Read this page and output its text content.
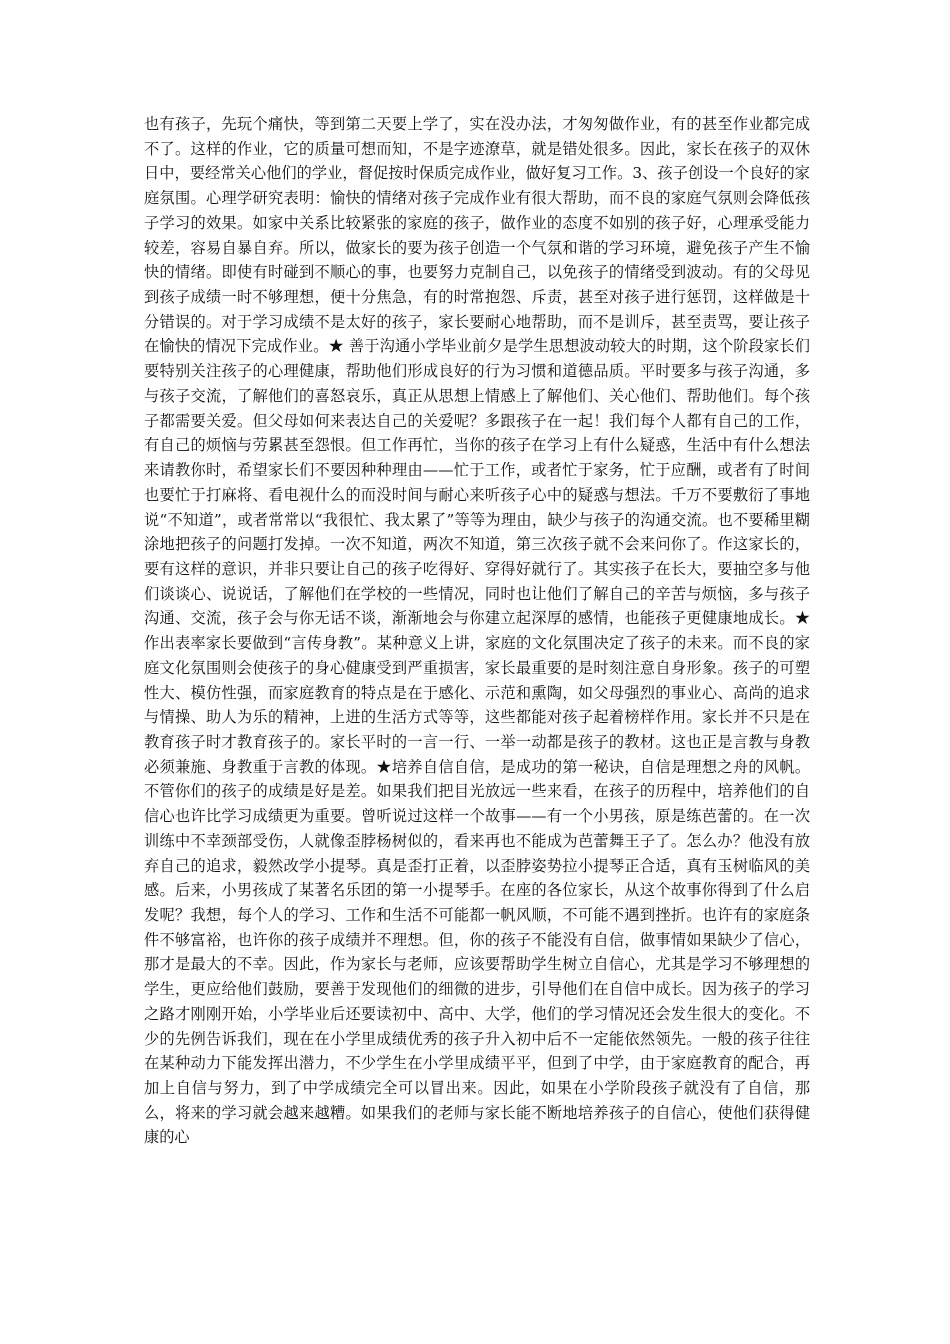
也有孩子，先玩个痛快，等到第二天要上学了，实在没办法，才匆匆做作业，有的甚至作业都完成不了。这样的作业，它的质量可想而知，不是字迹潦草，就是错处很多。因此，家长在孩子的双休日中，要经常关心他们的学业，督促按时保质完成作业，做好复习工作。3、孩子创设一个良好的家庭氛围。心理学研究表明：愉快的情绪对孩子完成作业有很大帮助，而不良的家庭气氛则会降低孩子学习的效果。如家中关系比较紧张的家庭的孩子，做作业的态度不如别的孩子好，心理承受能力较差，容易自暴自弃。所以，做家长的要为孩子创造一个气氛和谐的学习环境，避免孩子产生不愉快的情绪。即使有时碰到不顺心的事，也要努力克制自己，以免孩子的情绪受到波动。有的父母见到孩子成绩一时不够理想，便十分焦急，有的时常抱怨、斥责，甚至对孩子进行惩罚，这样做是十分错误的。对于学习成绩不是太好的孩子，家长要耐心地帮助，而不是训斥，甚至责骂，要让孩子在愉快的情况下完成作业。★ 善于沟通小学毕业前夕是学生思想波动较大的时期，这个阶段家长们要特别关注孩子的心理健康，帮助他们形成良好的行为习惯和道德品质。平时要多与孩子沟通，多与孩子交流，了解他们的喜怒哀乐，真正从思想上情感上了解他们、关心他们、帮助他们。每个孩子都需要关爱。但父母如何来表达自己的关爱呢？多跟孩子在一起！我们每个人都有自己的工作，有自己的烦恼与劳累甚至怨恨。但工作再忙，当你的孩子在学习上有什么疑惑，生活中有什么想法来请教你时，希望家长们不要因种种理由——忙于工作，或者忙于家务，忙于应酬，或者有了时间也要忙于打麻将、看电视什么的而没时间与耐心来听孩子心中的疑惑与想法。千万不要敷衍了事地说“不知道”，或者常常以“我很忙、我太累了”等等为理由，缺少与孩子的沟通交流。也不要稀里糊涂地把孩子的问题打发掉。一次不知道，两次不知道，第三次孩子就不会来问你了。作这家长的，要有这样的意识，并非只要让自己的孩子吃得好、穿得好就行了。其实孩子在长大，要抽空多与他们谈谈心、说说话，了解他们在学校的一些情况，同时也让他们了解自己的辛苦与烦恼，多与孩子沟通、交流，孩子会与你无话不谈，渐渐地会与你建立起深厚的感情，也能孩子更健康地成长。★ 作出表率家长要做到“言传身教”。某种意义上讲，家庭的文化氛围决定了孩子的未来。而不良的家庭文化氛围则会使孩子的身心健康受到严重损害，家长最重要的是时刻注意自身形象。孩子的可塑性大、模仿性强，而家庭教育的特点是在于感化、示范和熏陶，如父母强烈的事业心、高尚的追求与情操、助人为乐的精神，上进的生活方式等等，这些都能对孩子起着榜样作用。家长并不只是在教育孩子时才教育孩子的。家长平时的一言一行、一举一动都是孩子的教材。这也正是言教与身教必须兼施、身教重于言教的体现。★培养自信自信，是成功的第一秘诀，自信是理想之舟的风帆。不管你们的孩子的成绩是好是差。如果我们把目光放远一些来看，在孩子的历程中，培养他们的自信心也许比学习成绩更为重要。曾听说过这样一个故事——有一个小男孩，原是练芭蕾的。在一次训练中不幸颈部受伤，人就像歪脖杨树似的，看来再也不能成为芭蕾舞王子了。怎么办？他没有放弃自己的追求，毅然改学小提琴。真是歪打正着，以歪脖姿势拉小提琴正合适，真有玉树临风的美感。后来，小男孩成了某著名乐团的第一小提琴手。在座的各位家长，从这个故事你得到了什么启发呢？我想，每个人的学习、工作和生活不可能都一帆风顺，不可能不遇到挫折。也许有的家庭条件不够富裕，也许你的孩子成绩并不理想。但，你的孩子不能没有自信，做事情如果缺少了信心，那才是最大的不幸。因此，作为家长与老师，应该要帮助学生树立自信心，尤其是学习不够理想的学生，更应给他们鼓励，要善于发现他们的细微的进步，引导他们在自信中成长。因为孩子的学习之路才刚刚开始，小学毕业后还要读初中、高中、大学，他们的学习情况还会发生很大的变化。不少的先例告诉我们，现在在小学里成绩优秀的孩子升入初中后不一定能依然领先。一般的孩子往往在某种动力下能发挥出潜力，不少学生在小学里成绩平平，但到了中学，由于家庭教育的配合，再加上自信与努力，到了中学成绩完全可以冒出来。因此，如果在小学阶段孩子就没有了自信，那么，将来的学习就会越来越糟。如果我们的老师与家长能不断地培养孩子的自信心，使他们获得健康的心
